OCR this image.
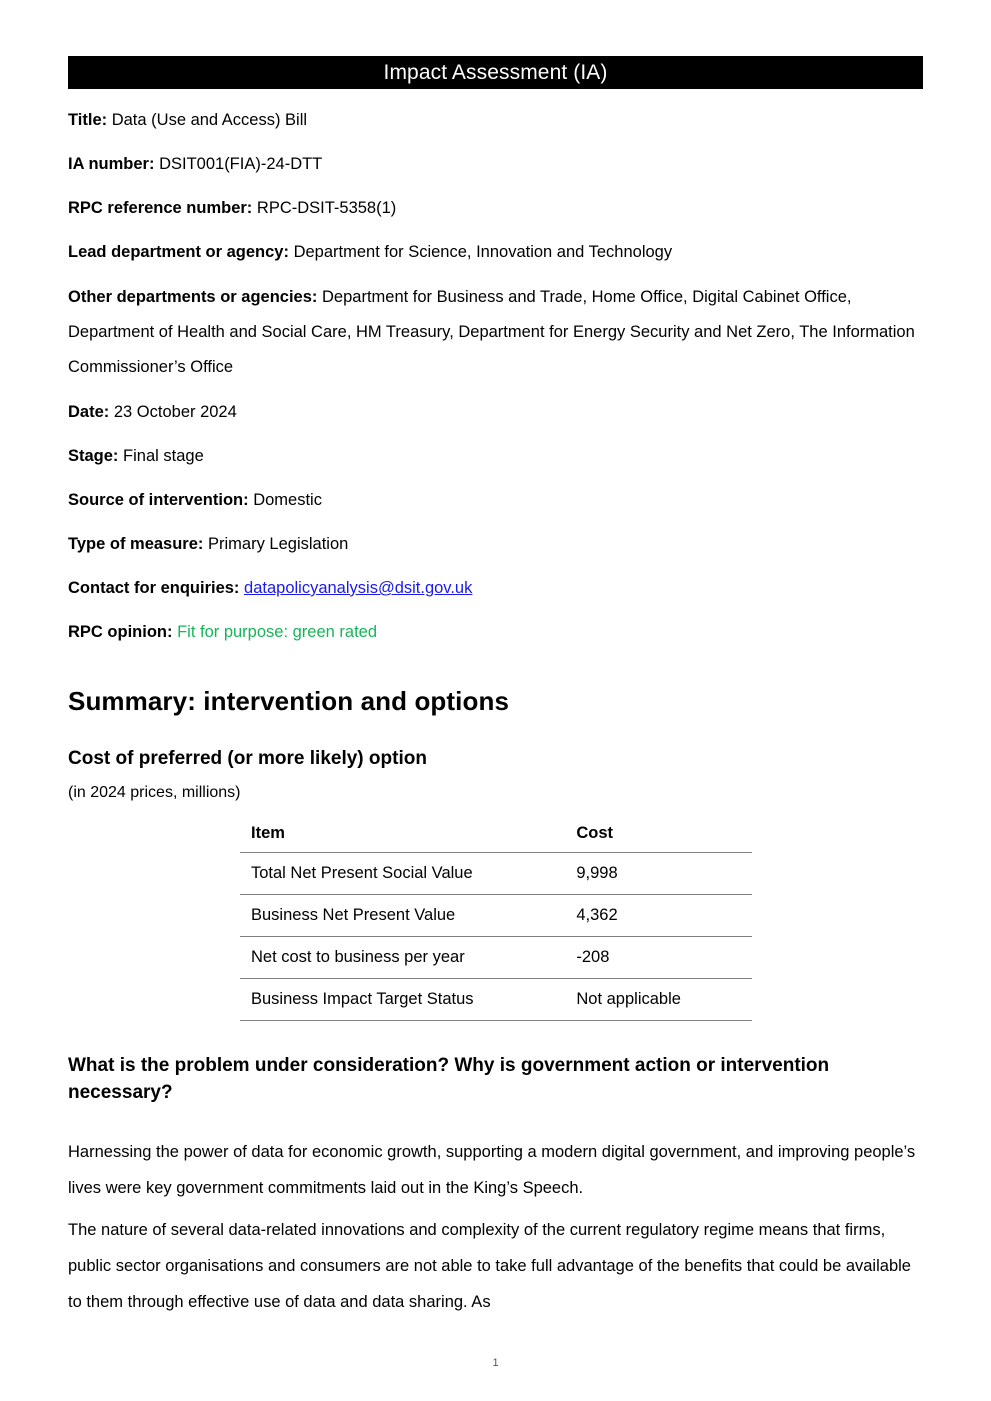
Impact Assessment (IA)
Title: Data (Use and Access) Bill
IA number: DSIT001(FIA)-24-DTT
RPC reference number: RPC-DSIT-5358(1)
Lead department or agency: Department for Science, Innovation and Technology
Other departments or agencies: Department for Business and Trade, Home Office, Digital Cabinet Office, Department of Health and Social Care, HM Treasury, Department for Energy Security and Net Zero, The Information Commissioner’s Office
Date: 23 October 2024
Stage: Final stage
Source of intervention: Domestic
Type of measure: Primary Legislation
Contact for enquiries: datapolicyanalysis@dsit.gov.uk
RPC opinion: Fit for purpose: green rated
Summary: intervention and options
Cost of preferred (or more likely) option
(in 2024 prices, millions)
Item	Cost
Total Net Present Social Value	9,998
Business Net Present Value	4,362
Net cost to business per year	-208
Business Impact Target Status	Not applicable
What is the problem under consideration? Why is government action or intervention necessary?
Harnessing the power of data for economic growth, supporting a modern digital government, and improving people’s lives were key government commitments laid out in the King’s Speech.
The nature of several data-related innovations and complexity of the current regulatory regime means that firms, public sector organisations and consumers are not able to take full advantage of the benefits that could be available to them through effective use of data and data sharing. As
1
